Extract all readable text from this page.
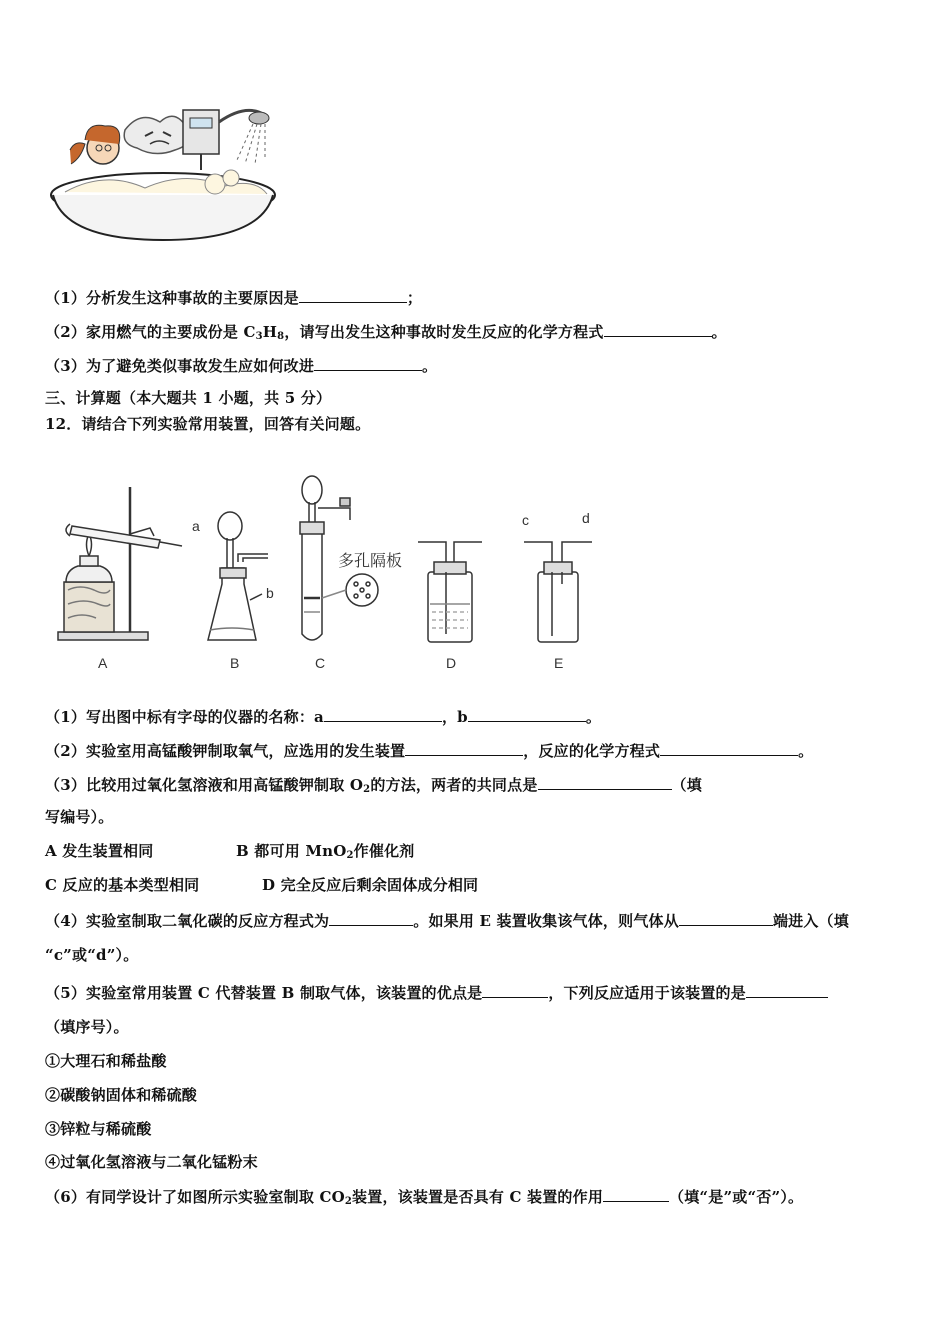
（1）分析发生这种事故的主要原因是	；
（2）家用燃气的主要成份是 $C_3H_8$，请写出发生这种事故时发生反应的化学方程式	。
（3）为了避免类似事故发生应如何改进	。
三、计算题（本大题共 1 小题，共 5 分）
12．请结合下列实验常用装置，回答有关问题。
a
b
c	d
多孔隔板
A	B	C	D	E
（1）写出图中标有字母的仪器的名称：a	，b	。
（2）实验室用高锰酸钾制取氧气，应选用的发生装置	，反应的化学方程式	。
（3）比较用过氧化氢溶液和用高锰酸钾制取 $O_2$的方法，两者的共同点是	（填
写编号）。
A 发生装置相同	B 都可用 MnO$_2$作催化剂
C 反应的基本类型相同	D 完全反应后剩余固体成分相同
（4）实验室制取二氧化碳的反应方程式为	。如果用 E 装置收集该气体，则气体从	端进入（填
“c”或“d”）。
（5）实验室常用装置 C 代替装置 B 制取气体，该装置的优点是	，下列反应适用于该装置的是
（填序号）。
①大理石和稀盐酸
②碳酸钠固体和稀硫酸
③锌粒与稀硫酸
④过氧化氢溶液与二氧化锰粉末
（6）有同学设计了如图所示实验室制取 $CO_2$装置，该装置是否具有 C 装置的作用	（填“是”或“否”）。
